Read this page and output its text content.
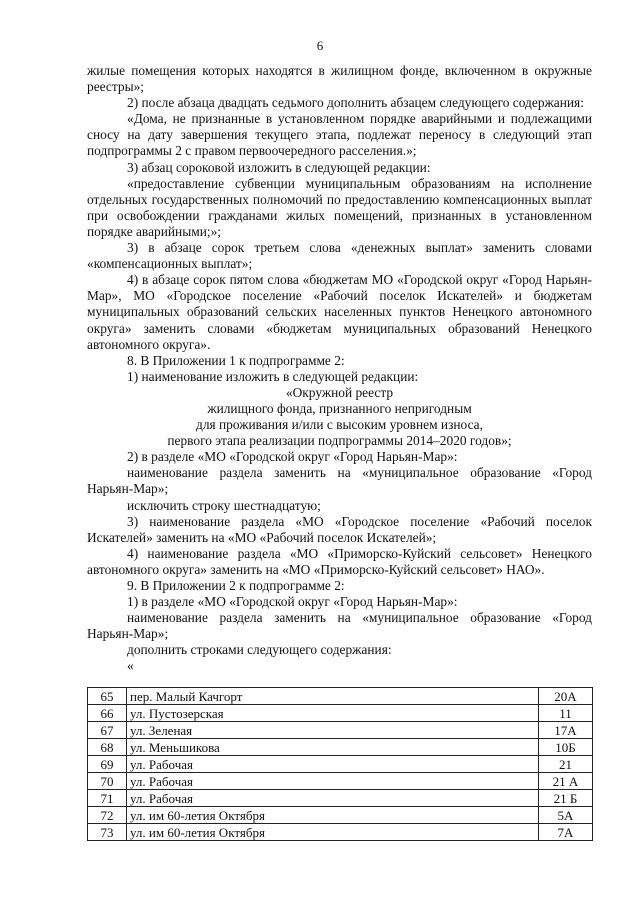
6

жилые помещения которых находятся в жилищном фонде, включенном в окружные реестры»;

2) после абзаца двадцать седьмого дополнить абзацем следующего содержания:

«Дома, не признанные в установленном порядке аварийными и подлежащими сносу на дату завершения текущего этапа, подлежат переносу в следующий этап подпрограммы 2 с правом первоочередного расселения.»;

3) абзац сороковой изложить в следующей редакции:

«предоставление субвенции муниципальным образованиям на исполнение отдельных государственных полномочий по предоставлению компенсационных выплат при освобождении гражданами жилых помещений, признанных в установленном порядке аварийными;»;

3) в абзаце сорок третьем слова «денежных выплат» заменить словами «компенсационных выплат»;

4) в абзаце сорок пятом слова «бюджетам МО «Городской округ «Город Нарьян-Мар», МО «Городское поселение «Рабочий поселок Искателей» и бюджетам муниципальных образований сельских населенных пунктов Ненецкого автономного округа» заменить словами «бюджетам муниципальных образований Ненецкого автономного округа».

8. В Приложении 1 к подпрограмме 2:

1) наименование изложить в следующей редакции:

«Окружной реестр

жилищного фонда, признанного непригодным

для проживания и/или с высоким уровнем износа,

первого этапа реализации подпрограммы 2014–2020 годов»;

2) в разделе «МО «Городской округ «Город Нарьян-Мар»:

наименование раздела заменить на «муниципальное образование «Город Нарьян-Мар»;

исключить строку шестнадцатую;

3) наименование раздела «МО «Городское поселение «Рабочий поселок Искателей» заменить на «МО «Рабочий поселок Искателей»;

4) наименование раздела «МО «Приморско-Куйский сельсовет» Ненецкого автономного округа» заменить на «МО «Приморско-Куйский сельсовет» НАО».

9. В Приложении 2 к подпрограмме 2:

1) в разделе «МО «Городской округ «Город Нарьян-Мар»:

наименование раздела заменить на «муниципальное образование «Город Нарьян-Мар»;

дополнить строками следующего содержания:

«

65	пер. Малый Качгорт	20А
66	ул. Пустозерская	11
67	ул. Зеленая	17А
68	ул. Меньшикова	10Б
69	ул. Рабочая	21
70	ул. Рабочая	21 А
71	ул. Рабочая	21 Б
72	ул. им 60-летия Октября	5А
73	ул. им 60-летия Октября	7А
